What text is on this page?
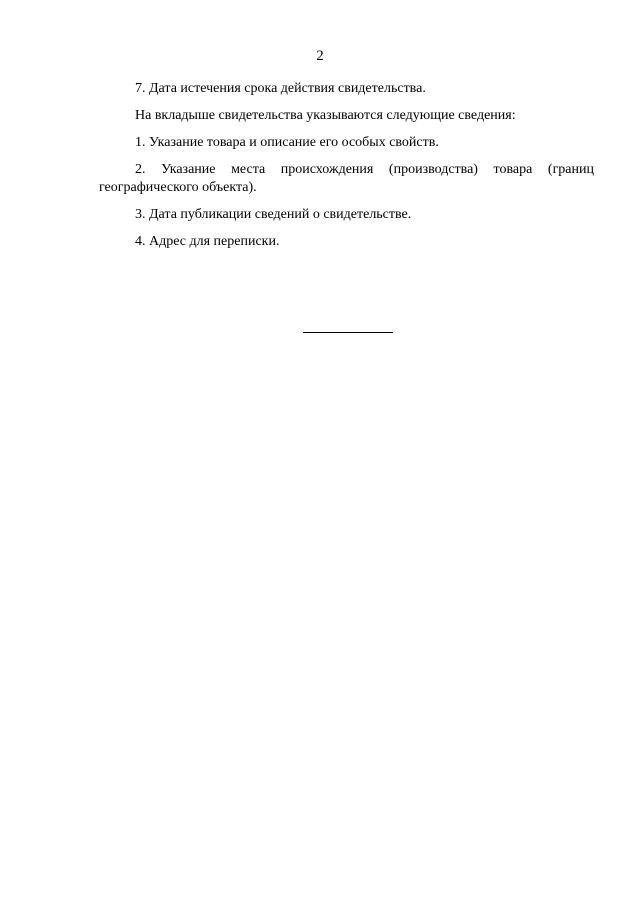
2

7. Дата истечения срока действия свидетельства.

На вкладыше свидетельства указываются следующие сведения:

1. Указание товара и описание его особых свойств.

2. Указание места происхождения (производства) товара (границ

географического объекта).

3. Дата публикации сведений о свидетельстве.

4. Адрес для переписки.
